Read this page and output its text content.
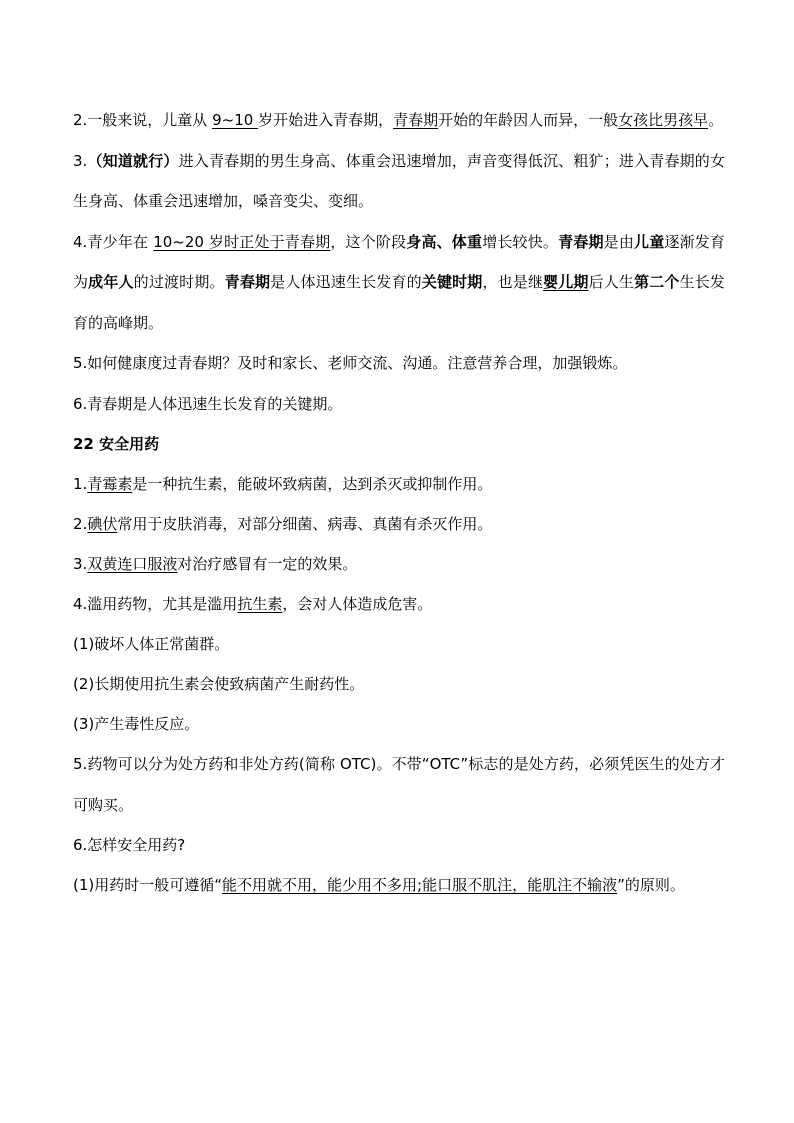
2.一般来说，儿童从 9~10 岁开始进入青春期，青春期开始的年龄因人而异，一般女孩比男孩早。

3.（知道就行）进入青春期的男生身高、体重会迅速增加，声音变得低沉、粗犷；进入青春期的女生身高、体重会迅速增加，嗓音变尖、变细。

4.青少年在 10~20 岁时正处于青春期，这个阶段身高、体重增长较快。青春期是由儿童逐渐发育为成年人的过渡时期。青春期是人体迅速生长发育的关键时期，也是继婴儿期后人生第二个生长发育的高峰期。

5.如何健康度过青春期？及时和家长、老师交流、沟通。注意营养合理，加强锻炼。

6.青春期是人体迅速生长发育的关键期。

22 安全用药

1.青霉素是一种抗生素，能破坏致病菌，达到杀灭或抑制作用。

2.碘伏常用于皮肤消毒，对部分细菌、病毒、真菌有杀灭作用。

3.双黄连口服液对治疗感冒有一定的效果。

4.滥用药物，尤其是滥用抗生素，会对人体造成危害。

(1)破坏人体正常菌群。

(2)长期使用抗生素会使致病菌产生耐药性。

(3)产生毒性反应。

5.药物可以分为处方药和非处方药(简称 OTC)。不带“OTC”标志的是处方药，必须凭医生的处方才可购买。

6.怎样安全用药?

(1)用药时一般可遵循“能不用就不用，能少用不多用;能口服不肌注，能肌注不输液”的原则。
